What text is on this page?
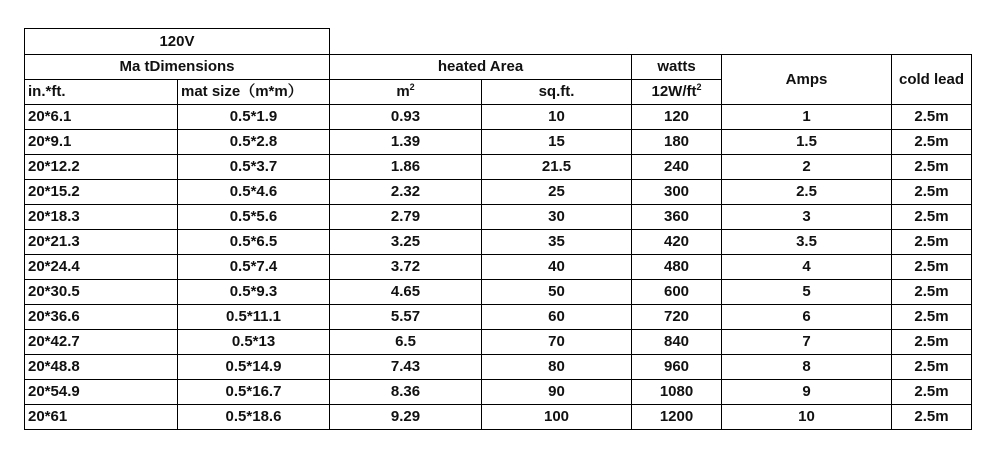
120V						
Ma tDimensions		heated Area		watts	Amps	cold lead
in.*ft.	mat size（m*m）	$m^2$	sq.ft.	$12W/ft^2$
20*6.1	0.5*1.9	0.93	10	120	1	2.5m
20*9.1	0.5*2.8	1.39	15	180	1.5	2.5m
20*12.2	0.5*3.7	1.86	21.5	240	2	2.5m
20*15.2	0.5*4.6	2.32	25	300	2.5	2.5m
20*18.3	0.5*5.6	2.79	30	360	3	2.5m
20*21.3	0.5*6.5	3.25	35	420	3.5	2.5m
20*24.4	0.5*7.4	3.72	40	480	4	2.5m
20*30.5	0.5*9.3	4.65	50	600	5	2.5m
20*36.6	0.5*11.1	5.57	60	720	6	2.5m
20*42.7	0.5*13	6.5	70	840	7	2.5m
20*48.8	0.5*14.9	7.43	80	960	8	2.5m
20*54.9	0.5*16.7	8.36	90	1080	9	2.5m
20*61	0.5*18.6	9.29	100	1200	10	2.5m
